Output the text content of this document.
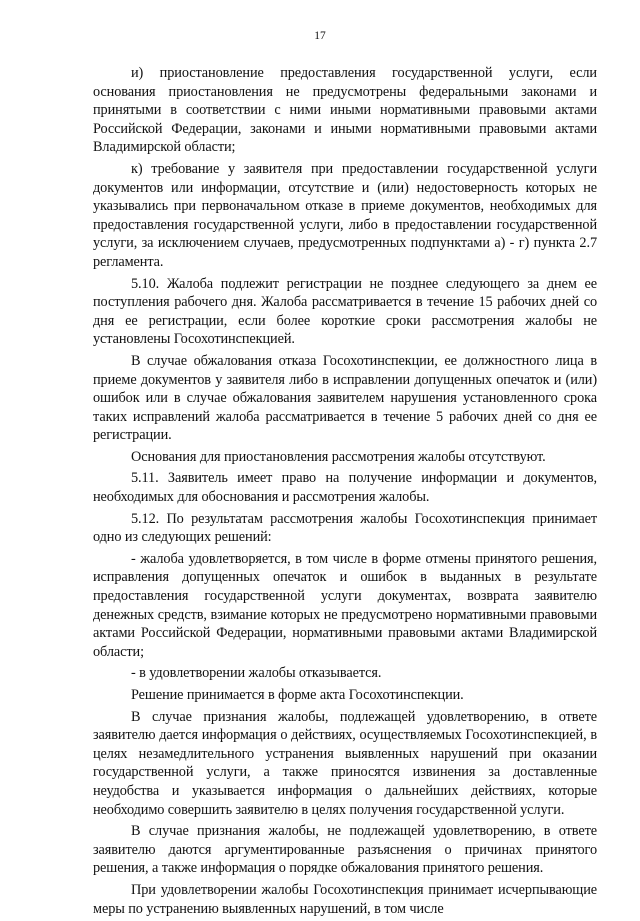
17

и) приостановление предоставления государственной услуги, если основания приостановления не предусмотрены федеральными законами и принятыми в соответствии с ними иными нормативными правовыми актами Российской Федерации, законами и иными нормативными правовыми актами Владимирской области;

к) требование у заявителя при предоставлении государственной услуги документов или информации, отсутствие и (или) недостоверность которых не указывались при первоначальном отказе в приеме документов, необходимых для предоставления государственной услуги, либо в предоставлении государственной услуги, за исключением случаев, предусмотренных подпунктами а) - г) пункта 2.7 регламента.

5.10. Жалоба подлежит регистрации не позднее следующего за днем ее поступления рабочего дня. Жалоба рассматривается в течение 15 рабочих дней со дня ее регистрации, если более короткие сроки рассмотрения жалобы не установлены Госохотинспекцией.

В случае обжалования отказа Госохотинспекции, ее должностного лица в приеме документов у заявителя либо в исправлении допущенных опечаток и (или) ошибок или в случае обжалования заявителем нарушения установленного срока таких исправлений жалоба рассматривается в течение 5 рабочих дней со дня ее регистрации.

Основания для приостановления рассмотрения жалобы отсутствуют.

5.11. Заявитель имеет право на получение информации и документов, необходимых для обоснования и рассмотрения жалобы.

5.12. По результатам рассмотрения жалобы Госохотинспекция принимает одно из следующих решений:

- жалоба удовлетворяется, в том числе в форме отмены принятого решения, исправления допущенных опечаток и ошибок в выданных в результате предоставления государственной услуги документах, возврата заявителю денежных средств, взимание которых не предусмотрено нормативными правовыми актами Российской Федерации, нормативными правовыми актами Владимирской области;

- в удовлетворении жалобы отказывается.

Решение принимается в форме акта Госохотинспекции.

В случае признания жалобы, подлежащей удовлетворению, в ответе заявителю дается информация о действиях, осуществляемых Госохотинспекцией, в целях незамедлительного устранения выявленных нарушений при оказании государственной услуги, а также приносятся извинения за доставленные неудобства и указывается информация о дальнейших действиях, которые необходимо совершить заявителю в целях получения государственной услуги.

В случае признания жалобы, не подлежащей удовлетворению, в ответе заявителю даются аргументированные разъяснения о причинах принятого решения, а также информация о порядке обжалования принятого решения.

При удовлетворении жалобы Госохотинспекция принимает исчерпывающие меры по устранению выявленных нарушений, в том числе
